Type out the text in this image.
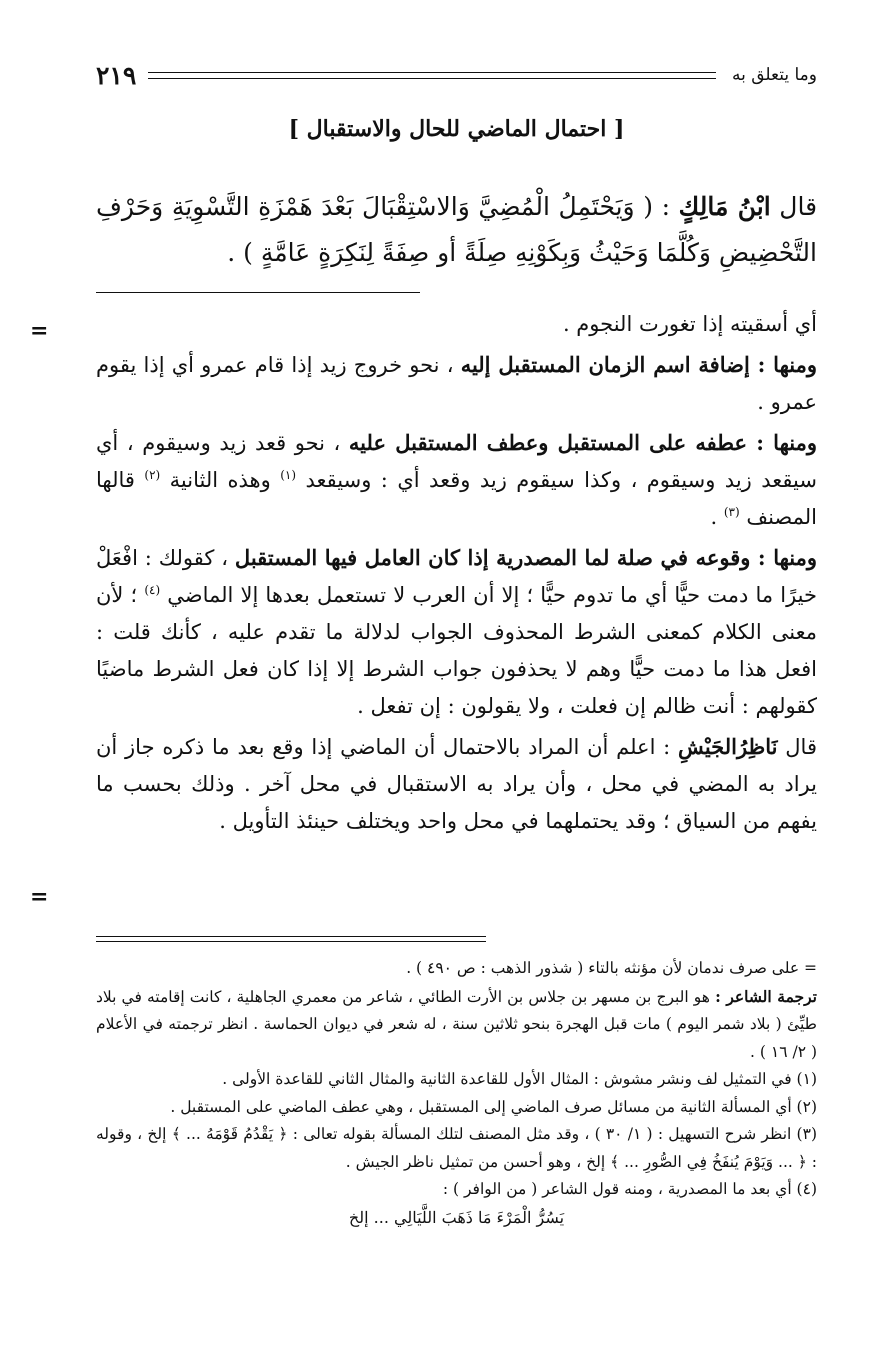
وما يتعلق به
٢١٩
[ احتمال الماضي للحال والاستقبال ]
قال ابْنُ مَالِكٍ : ( وَيَحْتَمِلُ الْمُضِيَّ وَالاسْتِقْبَالَ بَعْدَ هَمْزَةِ التَّسْوِيَةِ وَحَرْفِ التَّحْضِيضِ وَكُلَّمَا وَحَيْثُ وَبِكَوْنِهِ صِلَةً أو صِفَةً لِنَكِرَةٍ عَامَّةٍ ) .
=
=

أي أسقيته إذا تغورت النجوم .

ومنها : إضافة اسم الزمان المستقبل إليه ، نحو خروج زيد إذا قام عمرو أي إذا يقوم عمرو .

ومنها : عطفه على المستقبل وعطف المستقبل عليه ، نحو قعد زيد وسيقوم ، أي سيقعد زيد وسيقوم ، وكذا سيقوم زيد وقعد أي : وسيقعد $^{(١)}$ وهذه الثانية $^{(٢)}$ قالها المصنف $^{(٣)}$ .

ومنها : وقوعه في صلة لما المصدرية إذا كان العامل فيها المستقبل ، كقولك : افْعَلْ خيرًا ما دمت حيًّا أي ما تدوم حيًّا ؛ إلا أن العرب لا تستعمل بعدها إلا الماضي $^{(٤)}$ ؛ لأن معنى الكلام كمعنى الشرط المحذوف الجواب لدلالة ما تقدم عليه ، كأنك قلت : افعل هذا ما دمت حيًّا وهم لا يحذفون جواب الشرط إلا إذا كان فعل الشرط ماضيًا كقولهم : أنت ظالم إن فعلت ، ولا يقولون : إن تفعل .

قال نَاظِرُالجَيْشِ : اعلم أن المراد بالاحتمال أن الماضي إذا وقع بعد ما ذكره جاز أن يراد به المضي في محل ، وأن يراد به الاستقبال في محل آخر . وذلك بحسب ما يفهم من السياق ؛ وقد يحتملهما في محل واحد ويختلف حينئذ التأويل .

= على صرف ندمان لأن مؤنثه بالتاء ( شذور الذهب : ص ٤٩٠ ) .

ترجمة الشاعر : هو البرج بن مسهر بن جلاس بن الأرت الطائي ، شاعر من معمري الجاهلية ، كانت إقامته في بلاد طيِّئ ( بلاد شمر اليوم ) مات قبل الهجرة بنحو ثلاثين سنة ، له شعر في ديوان الحماسة . انظر ترجمته في الأعلام ( ٢/ ١٦ ) .

(١) في التمثيل لف ونشر مشوش : المثال الأول للقاعدة الثانية والمثال الثاني للقاعدة الأولى .

(٢) أي المسألة الثانية من مسائل صرف الماضي إلى المستقبل ، وهي عطف الماضي على المستقبل .

(٣) انظر شرح التسهيل : ( ١/ ٣٠ ) ، وقد مثل المصنف لتلك المسألة بقوله تعالى : ﴿ يَقْدُمُ قَوْمَهُ ... ﴾ إلخ ، وقوله : ﴿ ... وَيَوْمَ يُنفَخُ فِي الصُّورِ ... ﴾ إلخ ، وهو أحسن من تمثيل ناظر الجيش .

(٤) أي بعد ما المصدرية ، ومنه قول الشاعر ( من الوافر ) :

يَسُرُّ الْمَرْءَ مَا ذَهَبَ اللَّيَالِي ... إلخ
